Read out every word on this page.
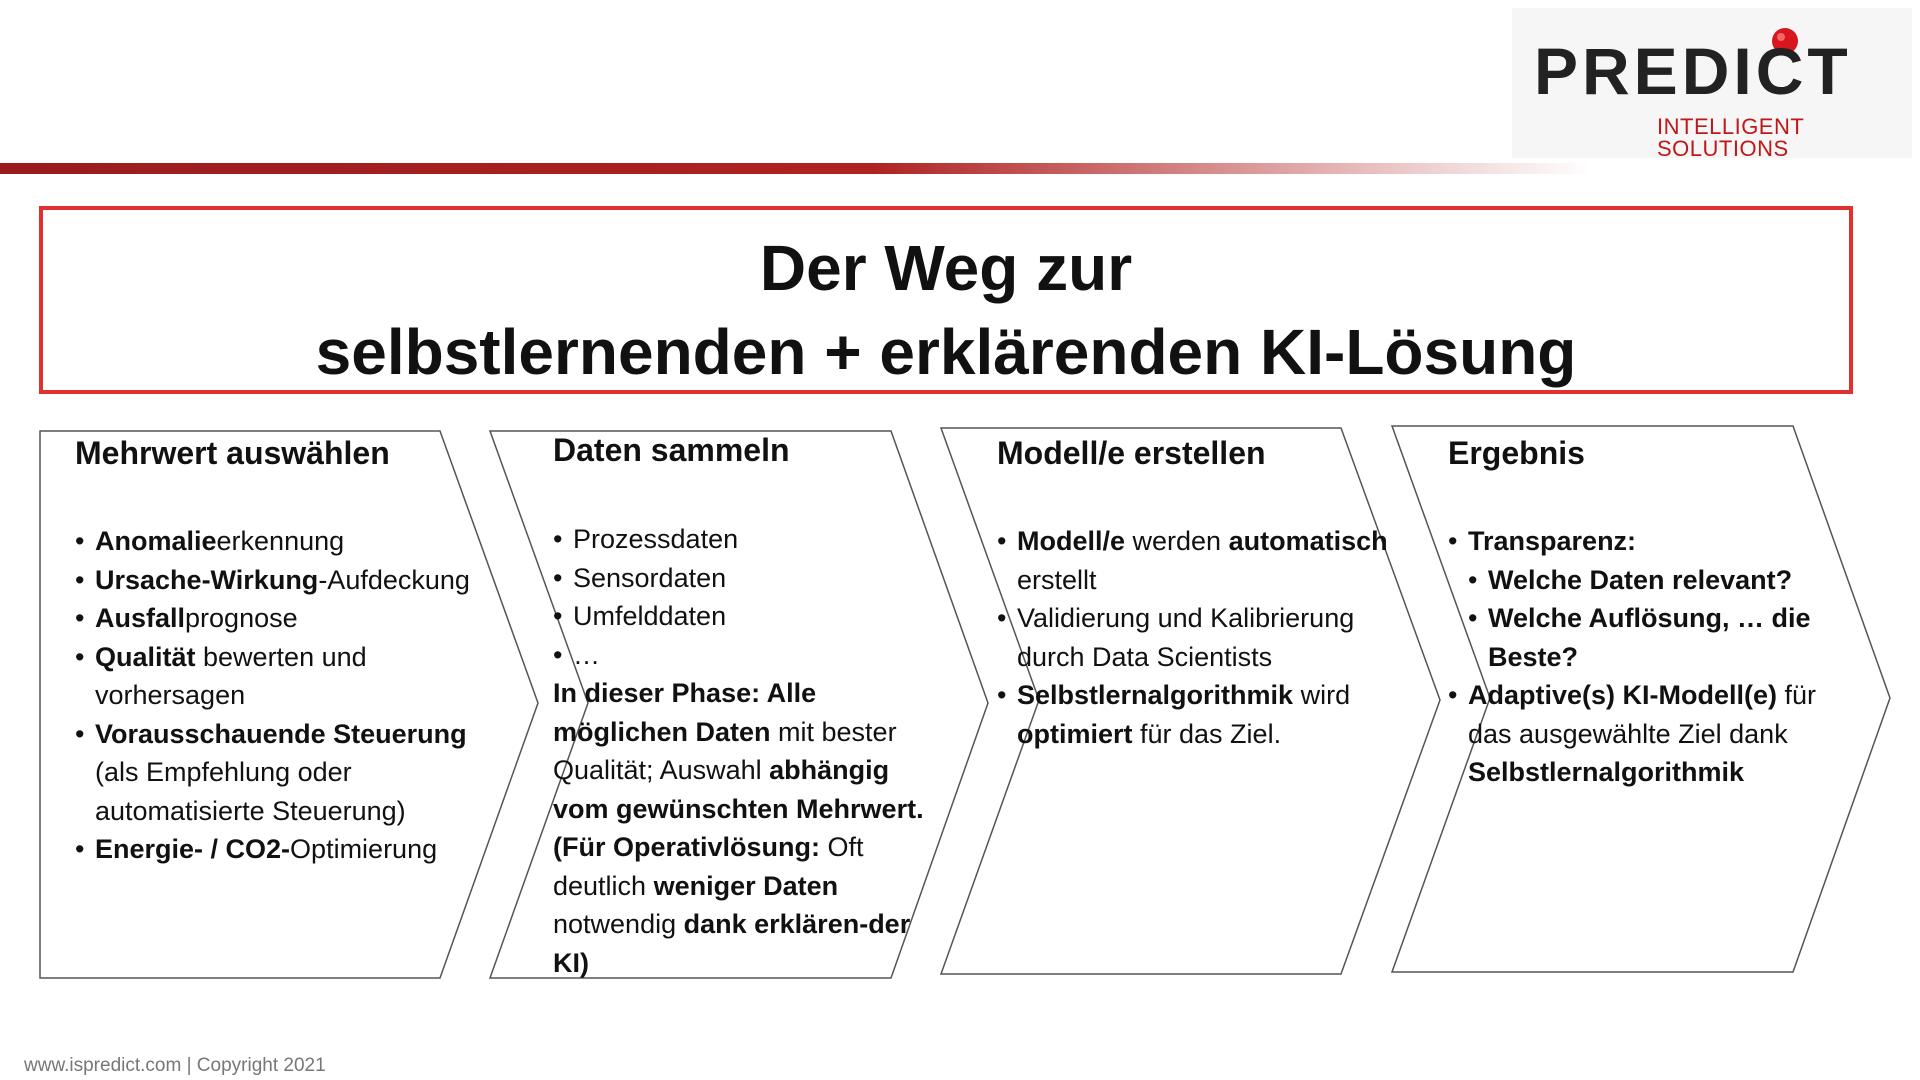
PREDICT
INTELLIGENT SOLUTIONS
Der Weg zur
selbstlernenden + erklärenden KI-Lösung
Mehrwert auswählen
• Anomalieerkennung
• Ursache-Wirkung-Aufdeckung
• Ausfallprognose
• Qualität bewerten und vorhersagen
• Vorausschauende Steuerung (als Empfehlung oder automatisierte Steuerung)
• Energie- / CO2-Optimierung
Daten sammeln
• Prozessdaten
• Sensordaten
• Umfelddaten
• …
In dieser Phase: Alle möglichen Daten mit bester Qualität; Auswahl abhängig vom gewünschten Mehrwert. (Für Operativlösung: Oft deutlich weniger Daten notwendig dank erklären-der KI)
Modell/e erstellen
• Modell/e werden automatisch erstellt
• Validierung und Kalibrierung durch Data Scientists
• Selbstlernalgorithmik wird optimiert für das Ziel.
Ergebnis
• Transparenz:
• Welche Daten relevant?
• Welche Auflösung, … die Beste?
• Adaptive(s) KI-Modell(e) für das ausgewählte Ziel dank Selbstlernalgorithmik
www.ispredict.com | Copyright 2021
